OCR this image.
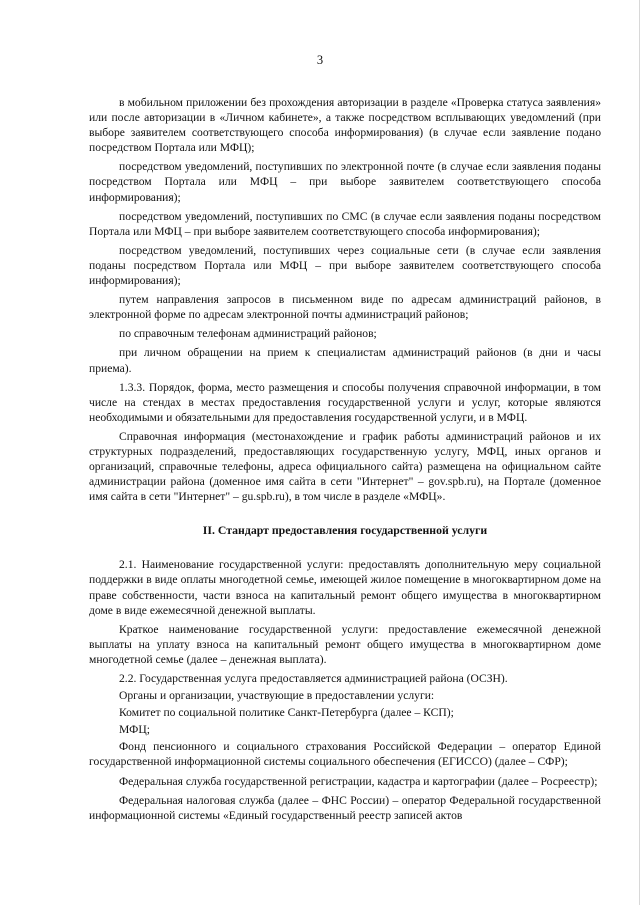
3

в мобильном приложении без прохождения авторизации в разделе «Проверка статуса заявления» или после авторизации в «Личном кабинете», а также посредством всплывающих уведомлений (при выборе заявителем соответствующего способа информирования) (в случае если заявление подано посредством Портала или МФЦ);

посредством уведомлений, поступивших по электронной почте (в случае если заявления поданы посредством Портала или МФЦ – при выборе заявителем соответствующего способа информирования);

посредством уведомлений, поступивших по СМС (в случае если заявления поданы посредством Портала или МФЦ – при выборе заявителем соответствующего способа информирования);

посредством уведомлений, поступивших через социальные сети (в случае если заявления поданы посредством Портала или МФЦ – при выборе заявителем соответствующего способа информирования);

путем направления запросов в письменном виде по адресам администраций районов, в электронной форме по адресам электронной почты администраций районов;

по справочным телефонам администраций районов;

при личном обращении на прием к специалистам администраций районов (в дни и часы приема).

1.3.3. Порядок, форма, место размещения и способы получения справочной информации, в том числе на стендах в местах предоставления государственной услуги и услуг, которые являются необходимыми и обязательными для предоставления государственной услуги, и в МФЦ.

Справочная информация (местонахождение и график работы администраций районов и их структурных подразделений, предоставляющих государственную услугу, МФЦ, иных органов и организаций, справочные телефоны, адреса официального сайта) размещена на официальном сайте администрации района (доменное имя сайта в сети "Интернет" – gov.spb.ru), на Портале (доменное имя сайта в сети "Интернет" – gu.spb.ru), в том числе в разделе «МФЦ».

II. Стандарт предоставления государственной услуги

2.1. Наименование государственной услуги: предоставлять дополнительную меру социальной поддержки в виде оплаты многодетной семье, имеющей жилое помещение в многоквартирном доме на праве собственности, части взноса на капитальный ремонт общего имущества в многоквартирном доме в виде ежемесячной денежной выплаты.

Краткое наименование государственной услуги: предоставление ежемесячной денежной выплаты на уплату взноса на капитальный ремонт общего имущества в многоквартирном доме многодетной семье (далее – денежная выплата).

2.2. Государственная услуга предоставляется администрацией района (ОСЗН).

Органы и организации, участвующие в предоставлении услуги:

Комитет по социальной политике Санкт-Петербурга (далее – КСП);

МФЦ;

Фонд пенсионного и социального страхования Российской Федерации – оператор Единой государственной информационной системы социального обеспечения (ЕГИССО) (далее – СФР);

Федеральная служба государственной регистрации, кадастра и картографии (далее – Росреестр);

Федеральная налоговая служба (далее – ФНС России) – оператор Федеральной государственной информационной системы «Единый государственный реестр записей актов
